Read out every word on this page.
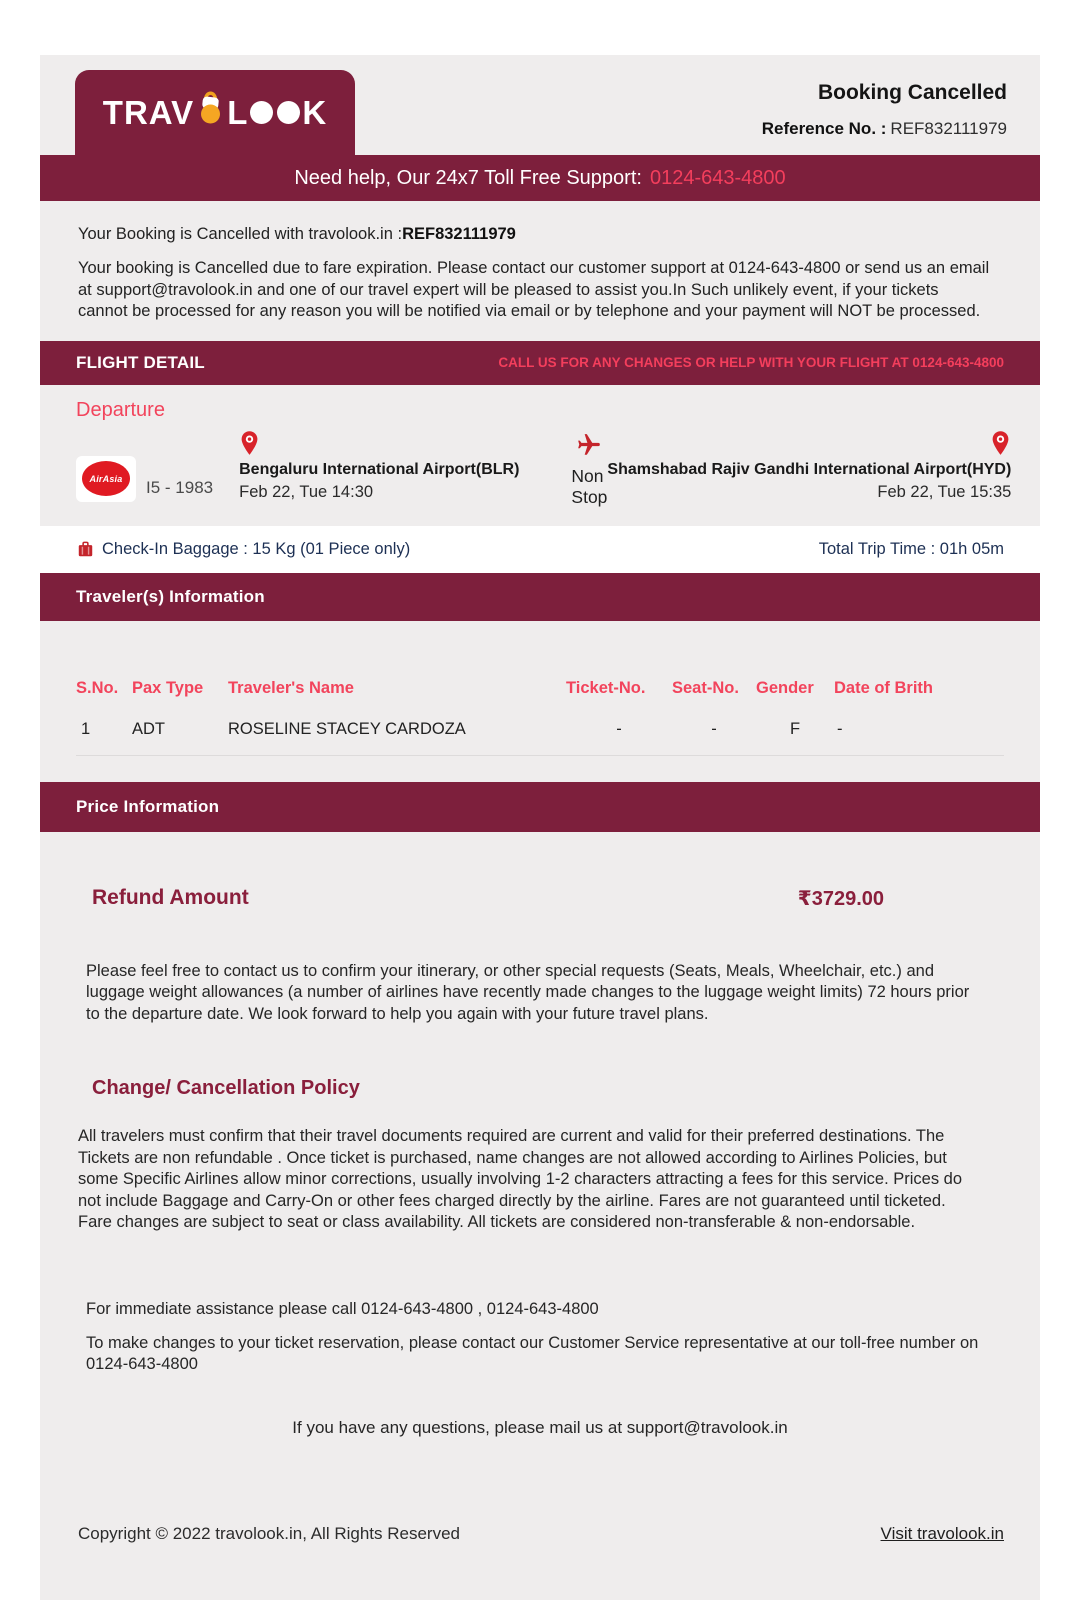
TRAV L K
Booking Cancelled
Reference No. : REF832111979
Need help, Our 24x7 Toll Free Support: 0124-643-4800
Your Booking is Cancelled with travolook.in :REF832111979
Your booking is Cancelled due to fare expiration. Please contact our customer support at 0124-643-4800 or send us an email at support@travolook.in and one of our travel expert will be pleased to assist you.In Such unlikely event, if your tickets cannot be processed for any reason you will be notified via email or by telephone and your payment will NOT be processed.
FLIGHT DETAIL	CALL US FOR ANY CHANGES OR HELP WITH YOUR FLIGHT AT 0124-643-4800
Departure
AirAsia I5 - 1983
Bengaluru International Airport(BLR)
Feb 22, Tue 14:30
Non Stop
Shamshabad Rajiv Gandhi International Airport(HYD)
Feb 22, Tue 15:35
Check-In Baggage : 15 Kg (01 Piece only)	Total Trip Time : 01h 05m
Traveler(s) Information
S.No.	Pax Type	Traveler's Name	Ticket-No.	Seat-No.	Gender	Date of Brith
1	ADT	ROSELINE STACEY CARDOZA	-	-	F	-
Price Information
Refund Amount	₹3729.00
Please feel free to contact us to confirm your itinerary, or other special requests (Seats, Meals, Wheelchair, etc.) and luggage weight allowances (a number of airlines have recently made changes to the luggage weight limits) 72 hours prior to the departure date. We look forward to help you again with your future travel plans.
Change/ Cancellation Policy
All travelers must confirm that their travel documents required are current and valid for their preferred destinations. The Tickets are non refundable . Once ticket is purchased, name changes are not allowed according to Airlines Policies, but some Specific Airlines allow minor corrections, usually involving 1-2 characters attracting a fees for this service. Prices do not include Baggage and Carry-On or other fees charged directly by the airline. Fares are not guaranteed until ticketed. Fare changes are subject to seat or class availability. All tickets are considered non-transferable & non-endorsable.
For immediate assistance please call 0124-643-4800 , 0124-643-4800
To make changes to your ticket reservation, please contact our Customer Service representative at our toll-free number on 0124-643-4800
If you have any questions, please mail us at support@travolook.in
Copyright © 2022 travolook.in, All Rights Reserved	Visit travolook.in
